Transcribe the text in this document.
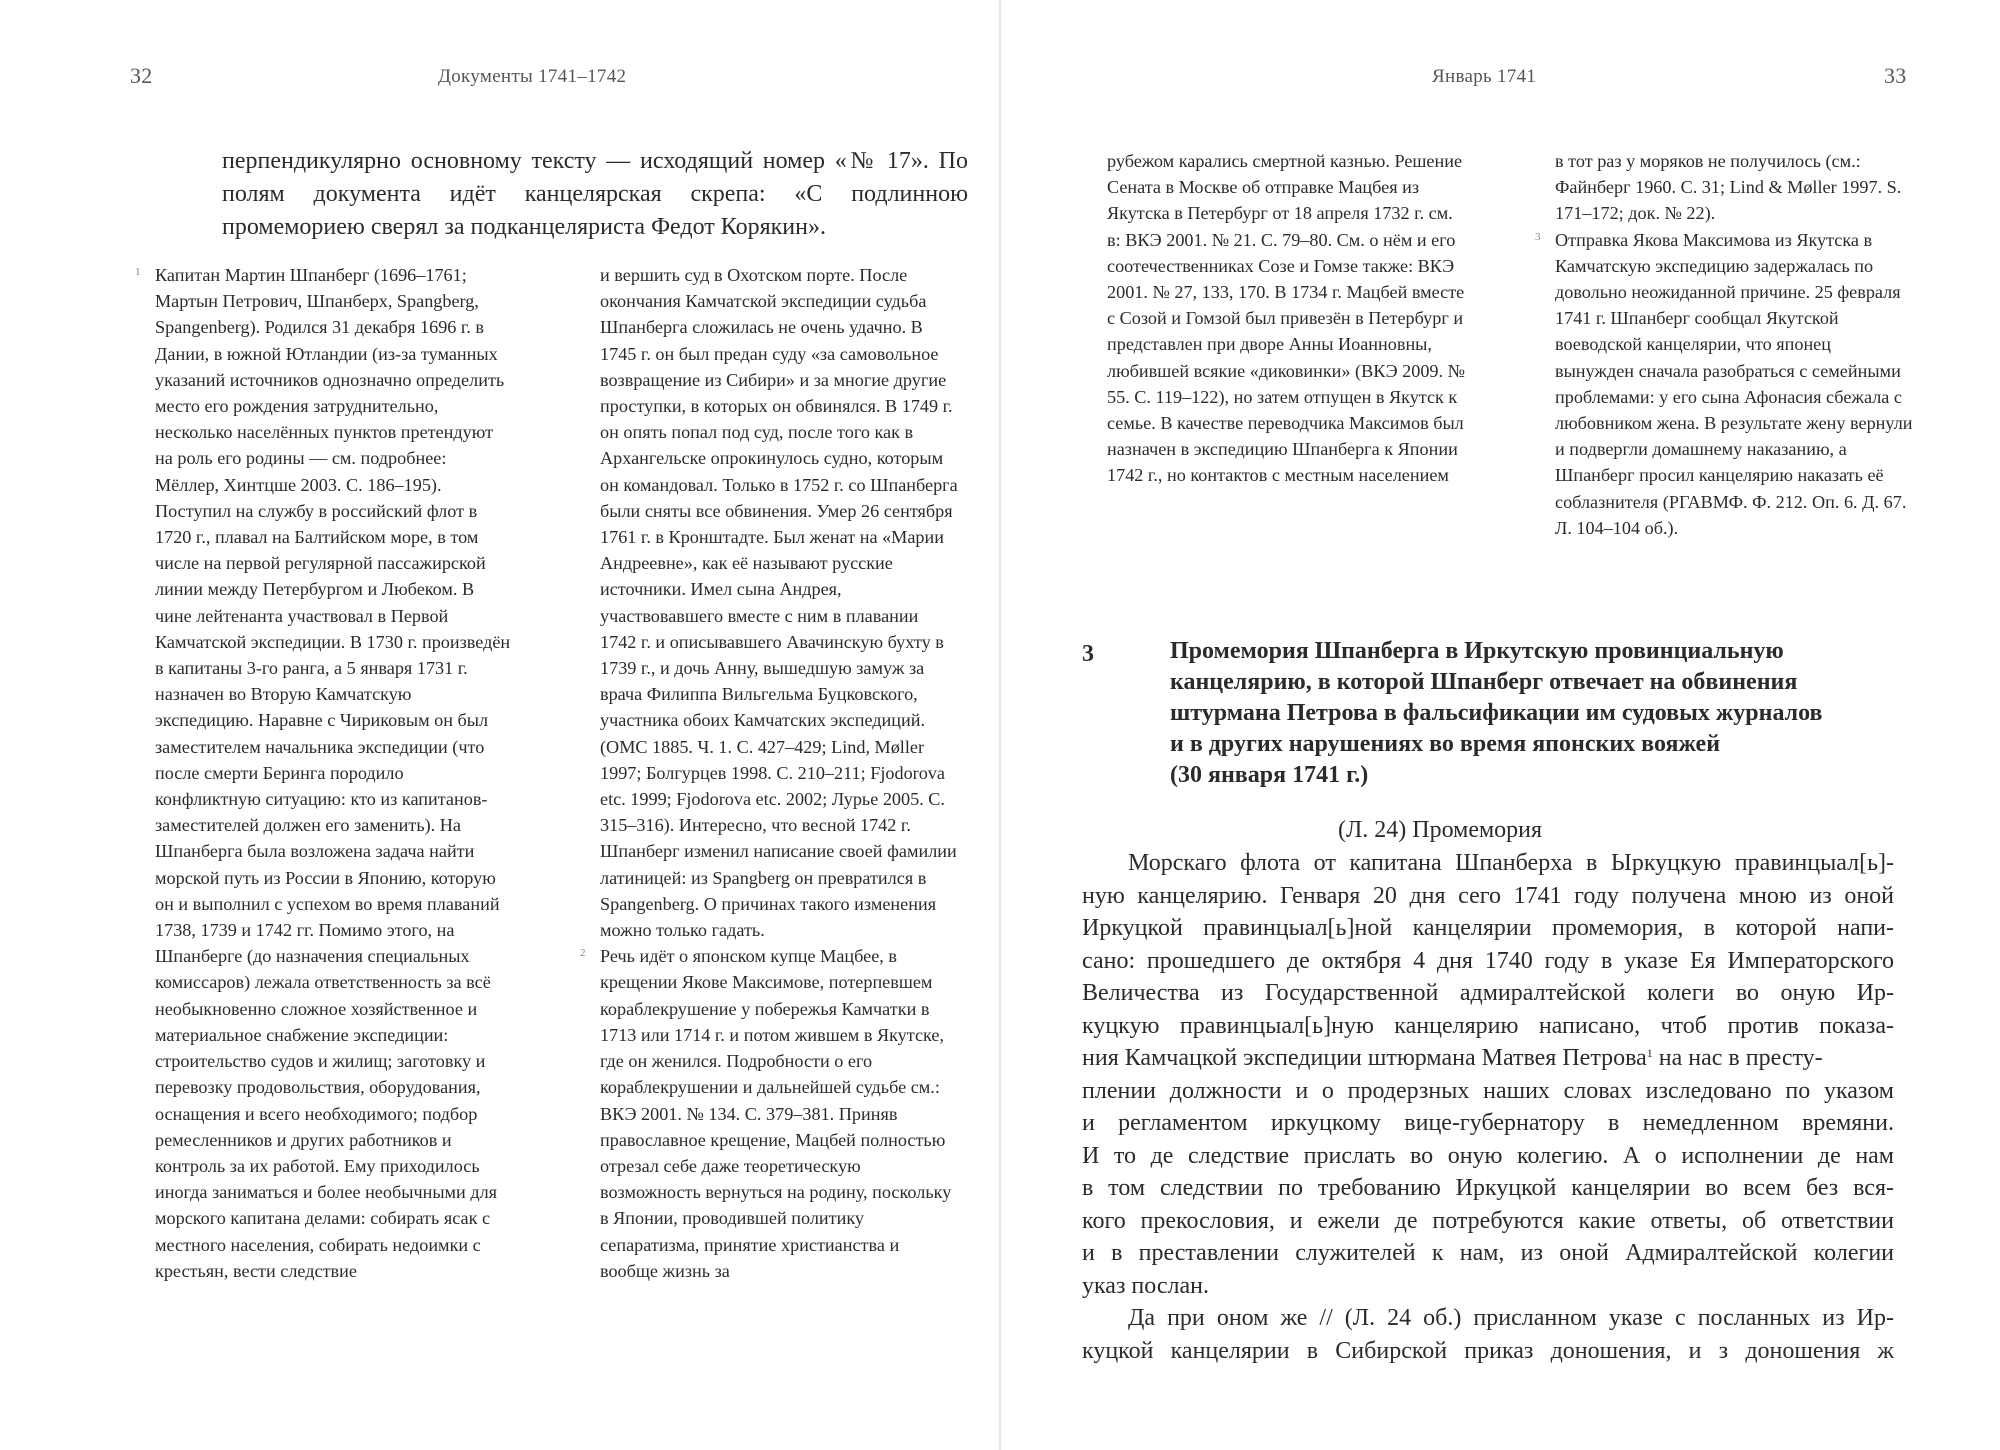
32	Документы 1741–1742

перпендикулярно основному тексту — исходящий номер «№ 17». По полям документа идёт канцелярская скрепа: «С подлинною промемориею сверял за подканцеляриста Федот Корякин».

1 Капитан Мартин Шпанберг (1696–1761; Мартын Петрович, Шпанберх, Spangberg, Spangenberg). Родился 31 декабря 1696 г. в Дании, в южной Ютландии (из-за туманных указаний источников однозначно определить место его рождения затруднительно, несколько населённых пунктов претендуют на роль его родины — см. подробнее: Мёллер, Хинтцше 2003. С. 186–195). Поступил на службу в российский флот в 1720 г., плавал на Балтийском море, в том числе на первой регулярной пассажирской линии между Петербургом и Любеком. В чине лейтенанта участвовал в Первой Камчатской экспедиции. В 1730 г. произведён в капитаны 3-го ранга, а 5 января 1731 г. назначен во Вторую Камчатскую экспедицию. Наравне с Чириковым он был заместителем начальника экспедиции (что после смерти Беринга породило конфликтную ситуацию: кто из капитанов-заместителей должен его заменить). На Шпанберга была возложена задача найти морской путь из России в Японию, которую он и выполнил с успехом во время плаваний 1738, 1739 и 1742 гг. Помимо этого, на Шпанберге (до назначения специальных комиссаров) лежала ответственность за всё необыкновенно сложное хозяйственное и материальное снабжение экспедиции: строительство судов и жилищ; заготовку и перевозку продовольствия, оборудования, оснащения и всего необходимого; подбор ремесленников и других работников и контроль за их работой. Ему приходилось иногда заниматься и более необычными для морского капитана делами: собирать ясак с местного населения, собирать недоимки с крестьян, вести следствие

и вершить суд в Охотском порте. После окончания Камчатской экспедиции судьба Шпанберга сложилась не очень удачно. В 1745 г. он был предан суду «за самовольное возвращение из Сибири» и за многие другие проступки, в которых он обвинялся. В 1749 г. он опять попал под суд, после того как в Архангельске опрокинулось судно, которым он командовал. Только в 1752 г. со Шпанберга были сняты все обвинения. Умер 26 сентября 1761 г. в Кронштадте. Был женат на «Марии Андреевне», как её называют русские источники. Имел сына Андрея, участвовавшего вместе с ним в плавании 1742 г. и описывавшего Авачинскую бухту в 1739 г., и дочь Анну, вышедшую замуж за врача Филиппа Вильгельма Буцковского, участника обоих Камчатских экспедиций. (ОМС 1885. Ч. 1. С. 427–429; Lind, Møller 1997; Болгурцев 1998. С. 210–211; Fjodorova etc. 1999; Fjodorova etc. 2002; Лурье 2005. С. 315–316). Интересно, что весной 1742 г. Шпанберг изменил написание своей фамилии латиницей: из Spangberg он превратился в Spangenberg. О причинах такого изменения можно только гадать.

2 Речь идёт о японском купце Мацбее, в крещении Якове Максимове, потерпевшем кораблекрушение у побережья Камчатки в 1713 или 1714 г. и потом жившем в Якутске, где он женился. Подробности о его кораблекрушении и дальнейшей судьбе см.: ВКЭ 2001. № 134. С. 379–381. Приняв православное крещение, Мацбей полностью отрезал себе даже теоретическую возможность вернуться на родину, поскольку в Японии, проводившей политику сепаратизма, принятие христианства и вообще жизнь за

Январь 1741	33

рубежом карались смертной казнью. Решение Сената в Москве об отправке Мацбея из Якутска в Петербург от 18 апреля 1732 г. см. в: ВКЭ 2001. № 21. С. 79–80. См. о нём и его соотечественниках Созе и Гомзе также: ВКЭ 2001. № 27, 133, 170. В 1734 г. Мацбей вместе с Созой и Гомзой был привезён в Петербург и представлен при дворе Анны Иоанновны, любившей всякие «диковинки» (ВКЭ 2009. № 55. С. 119–122), но затем отпущен в Якутск к семье. В качестве переводчика Максимов был назначен в экспедицию Шпанберга к Японии 1742 г., но контактов с местным населением

в тот раз у моряков не получилось (см.: Файнберг 1960. С. 31; Lind & Møller 1997. S. 171–172; док. № 22).

3 Отправка Якова Максимова из Якутска в Камчатскую экспедицию задержалась по довольно неожиданной причине. 25 февраля 1741 г. Шпанберг сообщал Якутской воеводской канцелярии, что японец вынужден сначала разобраться с семейными проблемами: у его сына Афонасия сбежала с любовником жена. В результате жену вернули и подвергли домашнему наказанию, а Шпанберг просил канцелярию наказать её соблазнителя (РГАВМФ. Ф. 212. Оп. 6. Д. 67. Л. 104–104 об.).

3	Промемория Шпанберга в Иркутскую провинциальную
канцелярию, в которой Шпанберг отвечает на обвинения
штурмана Петрова в фальсификации им судовых журналов
и в других нарушениях во время японских вояжей
(30 января 1741 г.)
(Л. 24) Промемория
Морскаго флота от капитана Шпанберха в Ыркуцкую правинцыал[ь]-
ную канцелярию. Генваря 20 дня сего 1741 году получена мною из оной
Иркуцкой правинцыал[ь]ной канцелярии промемория, в которой напи-
сано: прошедшего де октября 4 дня 1740 году в указе Ея Императорского
Величества из Государственной адмиралтейской колеги во оную Ир-
куцкую правинцыал[ь]ную канцелярию написано, чтоб против показа-
ния Камчацкой экспедиции штюрмана Матвея Петрова$^1$ на нас в престу-
плении должности и о продерзных наших словах изследовано по указом
и регламентом иркуцкому вице-губернатору в немедленном времяни.
И то де следствие прислать во оную колегию. А о исполнении де нам
в том следствии по требованию Иркуцкой канцелярии во всем без вся-
кого прекословия, и ежели де потребуются какие ответы, об ответствии
и в преставлении служителей к нам, из оной Адмиралтейской колегии
указ послан.
Да при оном же // (Л. 24 об.) присланном указе с посланных из Ир-
куцкой канцелярии в Сибирской приказ доношения, и з доношения ж
